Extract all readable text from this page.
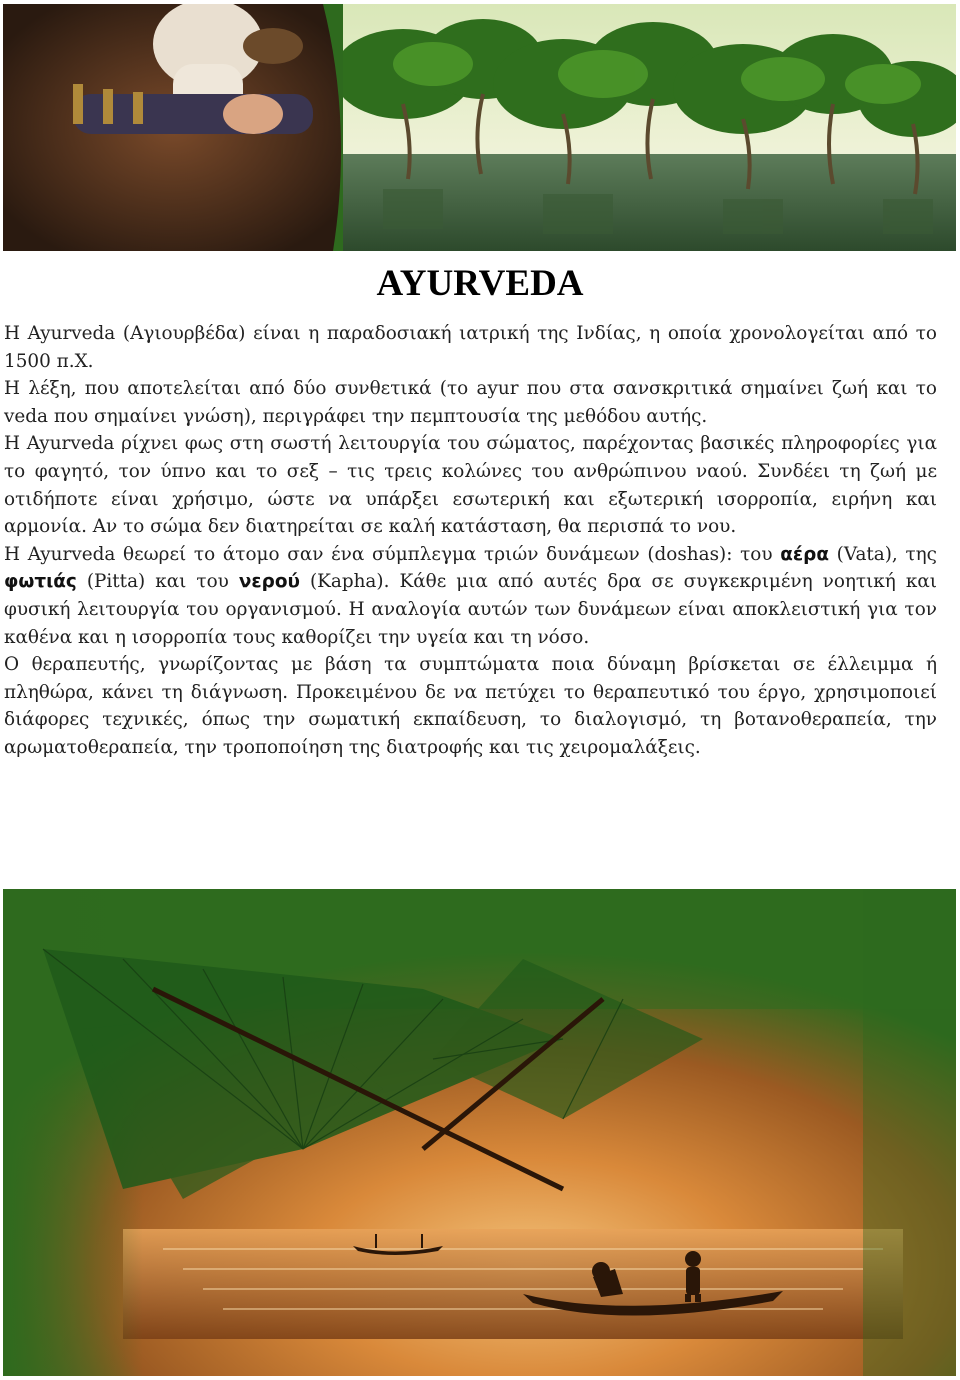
AYURVEDA

Η Ayurveda (Αγιουρβέδα) είναι η παραδοσιακή ιατρική της Ινδίας, η οποία χρονολογείται από το 1500 π.Χ.

Η λέξη, που αποτελείται από δύο συνθετικά (το ayur που στα σανσκριτικά σημαίνει ζωή και το veda που σημαίνει γνώση), περιγράφει την πεμπτουσία της μεθόδου αυτής.

Η Ayurveda ρίχνει φως στη σωστή λειτουργία του σώματος, παρέχοντας βασικές πληροφορίες για το φαγητό, τον ύπνο και το σεξ – τις τρεις κολώνες του ανθρώπινου ναού. Συνδέει τη ζωή με οτιδήποτε είναι χρήσιμο, ώστε να υπάρξει εσωτερική και εξωτερική ισορροπία, ειρήνη και αρμονία. Αν το σώμα δεν διατηρείται σε καλή κατάσταση, θα περισπά το νου.

Η Ayurveda θεωρεί το άτομο σαν ένα σύμπλεγμα τριών δυνάμεων (doshas): του αέρα (Vata), της φωτιάς (Pitta) και του νερού (Kapha). Κάθε μια από αυτές δρα σε συγκεκριμένη νοητική και φυσική λειτουργία του οργανισμού. Η αναλογία αυτών των δυνάμεων είναι αποκλειστική για τον καθένα και η ισορροπία τους καθορίζει την υγεία και τη νόσο.

Ο θεραπευτής, γνωρίζοντας με βάση τα συμπτώματα ποια δύναμη βρίσκεται σε έλλειμμα ή πληθώρα, κάνει τη διάγνωση. Προκειμένου δε να πετύχει το θεραπευτικό του έργο, χρησιμοποιεί διάφορες τεχνικές, όπως την σωματική εκπαίδευση, το διαλογισμό, τη βοτανοθεραπεία, την αρωματοθεραπεία, την τροποποίηση της διατροφής και τις χειρομαλάξεις.
